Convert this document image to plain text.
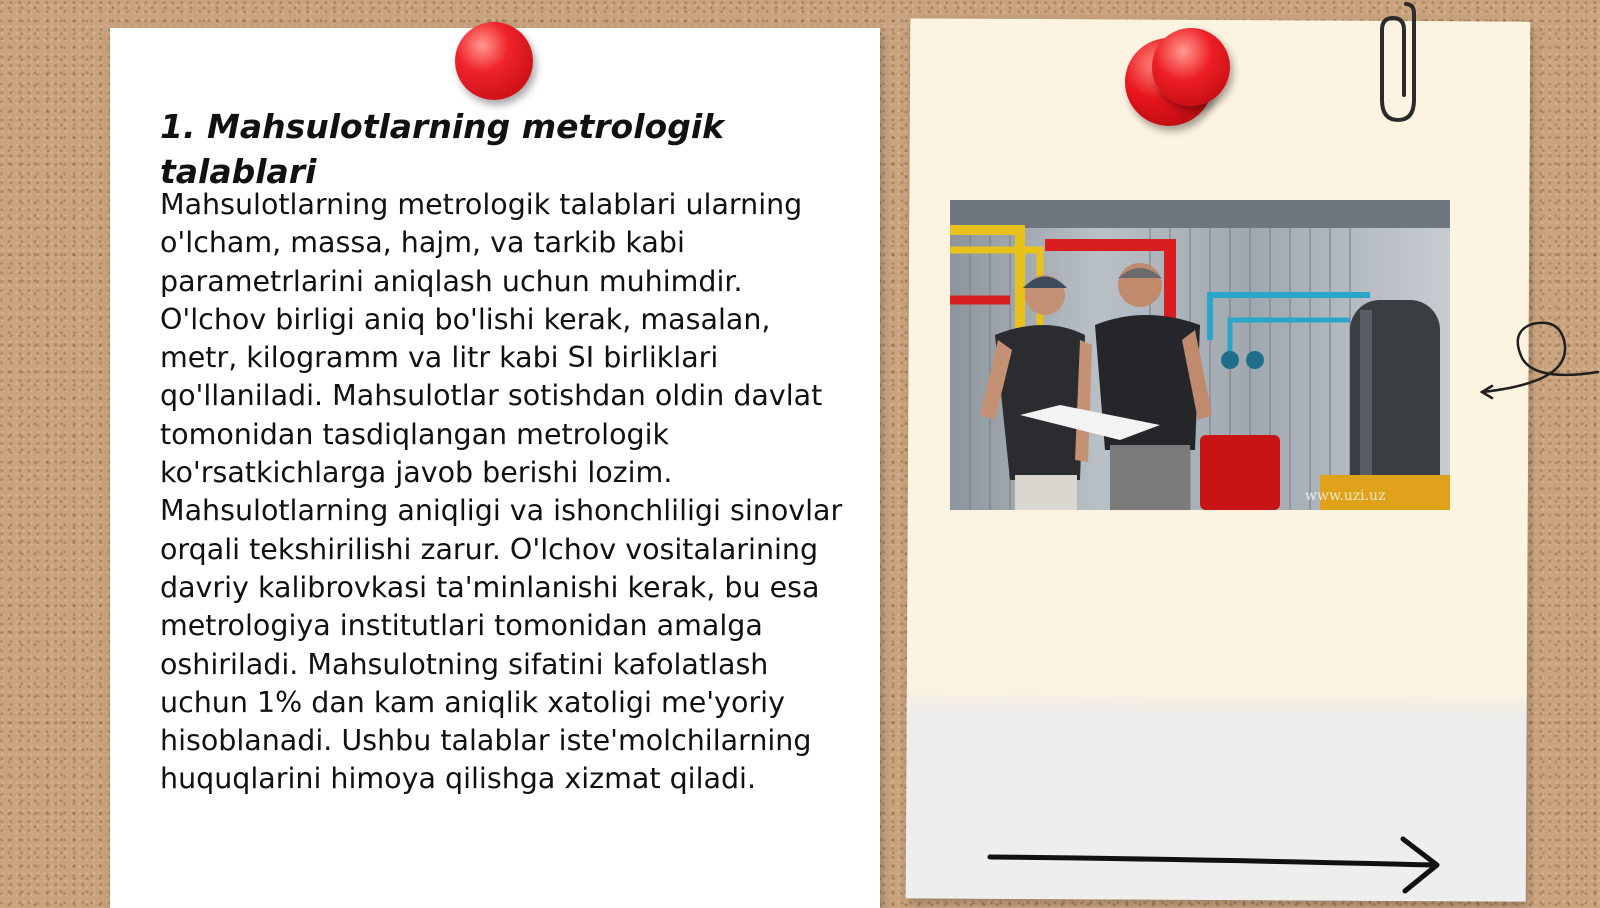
www.uzi.uz
1. Mahsulotlarning metrologik talablari

Mahsulotlarning metrologik talablari ularning o'lcham, massa, hajm, va tarkib kabi parametrlarini aniqlash uchun muhimdir. O'lchov birligi aniq bo'lishi kerak, masalan, metr, kilogramm va litr kabi SI birliklari qo'llaniladi. Mahsulotlar sotishdan oldin davlat tomonidan tasdiqlangan metrologik ko'rsatkichlarga javob berishi lozim. Mahsulotlarning aniqligi va ishonchliligi sinovlar orqali tekshirilishi zarur. O'lchov vositalarining davriy kalibrovkasi ta'minlanishi kerak, bu esa metrologiya institutlari tomonidan amalga oshiriladi. Mahsulotning sifatini kafolatlash uchun 1% dan kam aniqlik xatoligi me'yoriy hisoblanadi. Ushbu talablar iste'molchilarning huquqlarini himoya qilishga xizmat qiladi.
